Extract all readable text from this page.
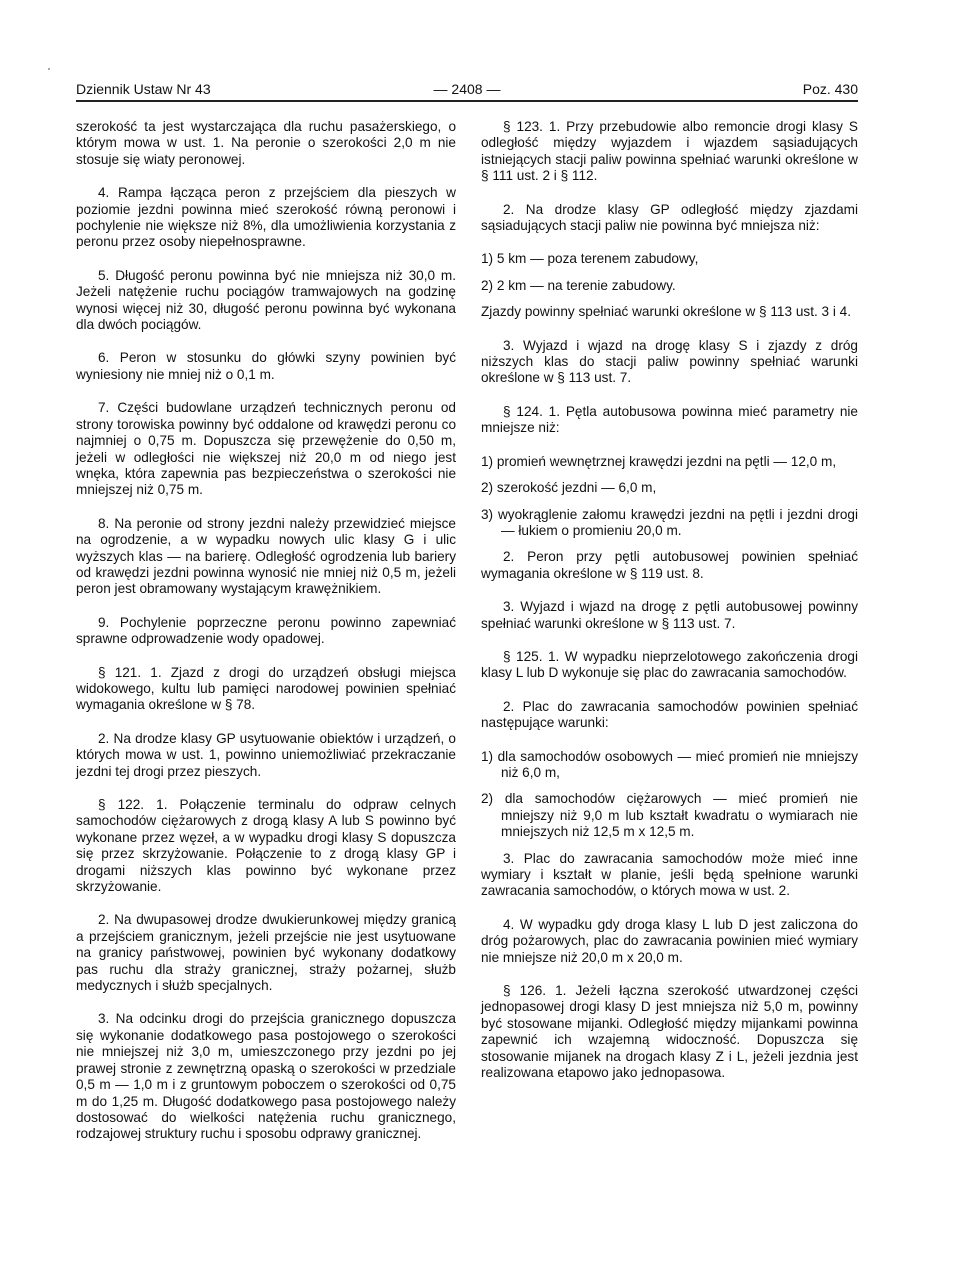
Dziennik Ustaw Nr 43	— 2408 —	Poz. 430

szerokość ta jest wystarczająca dla ruchu pasażerskiego, o którym mowa w ust. 1. Na peronie o szerokości 2,0 m nie stosuje się wiaty peronowej.

4. Rampa łącząca peron z przejściem dla pieszych w poziomie jezdni powinna mieć szerokość równą peronowi i pochylenie nie większe niż 8%, dla umożliwienia korzystania z peronu przez osoby niepełnosprawne.

5. Długość peronu powinna być nie mniejsza niż 30,0 m. Jeżeli natężenie ruchu pociągów tramwajowych na godzinę wynosi więcej niż 30, długość peronu powinna być wykonana dla dwóch pociągów.

6. Peron w stosunku do główki szyny powinien być wyniesiony nie mniej niż o 0,1 m.

7. Części budowlane urządzeń technicznych peronu od strony torowiska powinny być oddalone od krawędzi peronu co najmniej o 0,75 m. Dopuszcza się przewężenie do 0,50 m, jeżeli w odległości nie większej niż 20,0 m od niego jest wnęka, która zapewnia pas bezpieczeństwa o szerokości nie mniejszej niż 0,75 m.

8. Na peronie od strony jezdni należy przewidzieć miejsce na ogrodzenie, a w wypadku nowych ulic klasy G i ulic wyższych klas — na barierę. Odległość ogrodzenia lub bariery od krawędzi jezdni powinna wynosić nie mniej niż 0,5 m, jeżeli peron jest obramowany wystającym krawężnikiem.

9. Pochylenie poprzeczne peronu powinno zapewniać sprawne odprowadzenie wody opadowej.

§ 121. 1. Zjazd z drogi do urządzeń obsługi miejsca widokowego, kultu lub pamięci narodowej powinien spełniać wymagania określone w § 78.

2. Na drodze klasy GP usytuowanie obiektów i urządzeń, o których mowa w ust. 1, powinno uniemożliwiać przekraczanie jezdni tej drogi przez pieszych.

§ 122. 1. Połączenie terminalu do odpraw celnych samochodów ciężarowych z drogą klasy A lub S powinno być wykonane przez węzeł, a w wypadku drogi klasy S dopuszcza się przez skrzyżowanie. Połączenie to z drogą klasy GP i drogami niższych klas powinno być wykonane przez skrzyżowanie.

2. Na dwupasowej drodze dwukierunkowej między granicą a przejściem granicznym, jeżeli przejście nie jest usytuowane na granicy państwowej, powinien być wykonany dodatkowy pas ruchu dla straży granicznej, straży pożarnej, służb medycznych i służb specjalnych.

3. Na odcinku drogi do przejścia granicznego dopuszcza się wykonanie dodatkowego pasa postojowego o szerokości nie mniejszej niż 3,0 m, umieszczonego przy jezdni po jej prawej stronie z zewnętrzną opaską o szerokości w przedziale 0,5 m — 1,0 m i z gruntowym poboczem o szerokości od 0,75 m do 1,25 m. Długość dodatkowego pasa postojowego należy dostosować do wielkości natężenia ruchu granicznego, rodzajowej struktury ruchu i sposobu odprawy granicznej.

§ 123. 1. Przy przebudowie albo remoncie drogi klasy S odległość między wyjazdem i wjazdem sąsiadujących istniejących stacji paliw powinna spełniać warunki określone w § 111 ust. 2 i § 112.

2. Na drodze klasy GP odległość między zjazdami sąsiadujących stacji paliw nie powinna być mniejsza niż:

1) 5 km — poza terenem zabudowy,

2) 2 km — na terenie zabudowy.

Zjazdy powinny spełniać warunki określone w § 113 ust. 3 i 4.

3. Wyjazd i wjazd na drogę klasy S i zjazdy z dróg niższych klas do stacji paliw powinny spełniać warunki określone w § 113 ust. 7.

§ 124. 1. Pętla autobusowa powinna mieć parametry nie mniejsze niż:

1) promień wewnętrznej krawędzi jezdni na pętli — 12,0 m,

2) szerokość jezdni — 6,0 m,

3) wyokrąglenie załomu krawędzi jezdni na pętli i jezdni drogi — łukiem o promieniu 20,0 m.

2. Peron przy pętli autobusowej powinien spełniać wymagania określone w § 119 ust. 8.

3. Wyjazd i wjazd na drogę z pętli autobusowej powinny spełniać warunki określone w § 113 ust. 7.

§ 125. 1. W wypadku nieprzelotowego zakończenia drogi klasy L lub D wykonuje się plac do zawracania samochodów.

2. Plac do zawracania samochodów powinien spełniać następujące warunki:

1) dla samochodów osobowych — mieć promień nie mniejszy niż 6,0 m,

2) dla samochodów ciężarowych — mieć promień nie mniejszy niż 9,0 m lub kształt kwadratu o wymiarach nie mniejszych niż 12,5 m x 12,5 m.

3. Plac do zawracania samochodów może mieć inne wymiary i kształt w planie, jeśli będą spełnione warunki zawracania samochodów, o których mowa w ust. 2.

4. W wypadku gdy droga klasy L lub D jest zaliczona do dróg pożarowych, plac do zawracania powinien mieć wymiary nie mniejsze niż 20,0 m x 20,0 m.

§ 126. 1. Jeżeli łączna szerokość utwardzonej części jednopasowej drogi klasy D jest mniejsza niż 5,0 m, powinny być stosowane mijanki. Odległość między mijankami powinna zapewnić ich wzajemną widoczność. Dopuszcza się stosowanie mijanek na drogach klasy Z i L, jeżeli jezdnia jest realizowana etapowo jako jednopasowa.
